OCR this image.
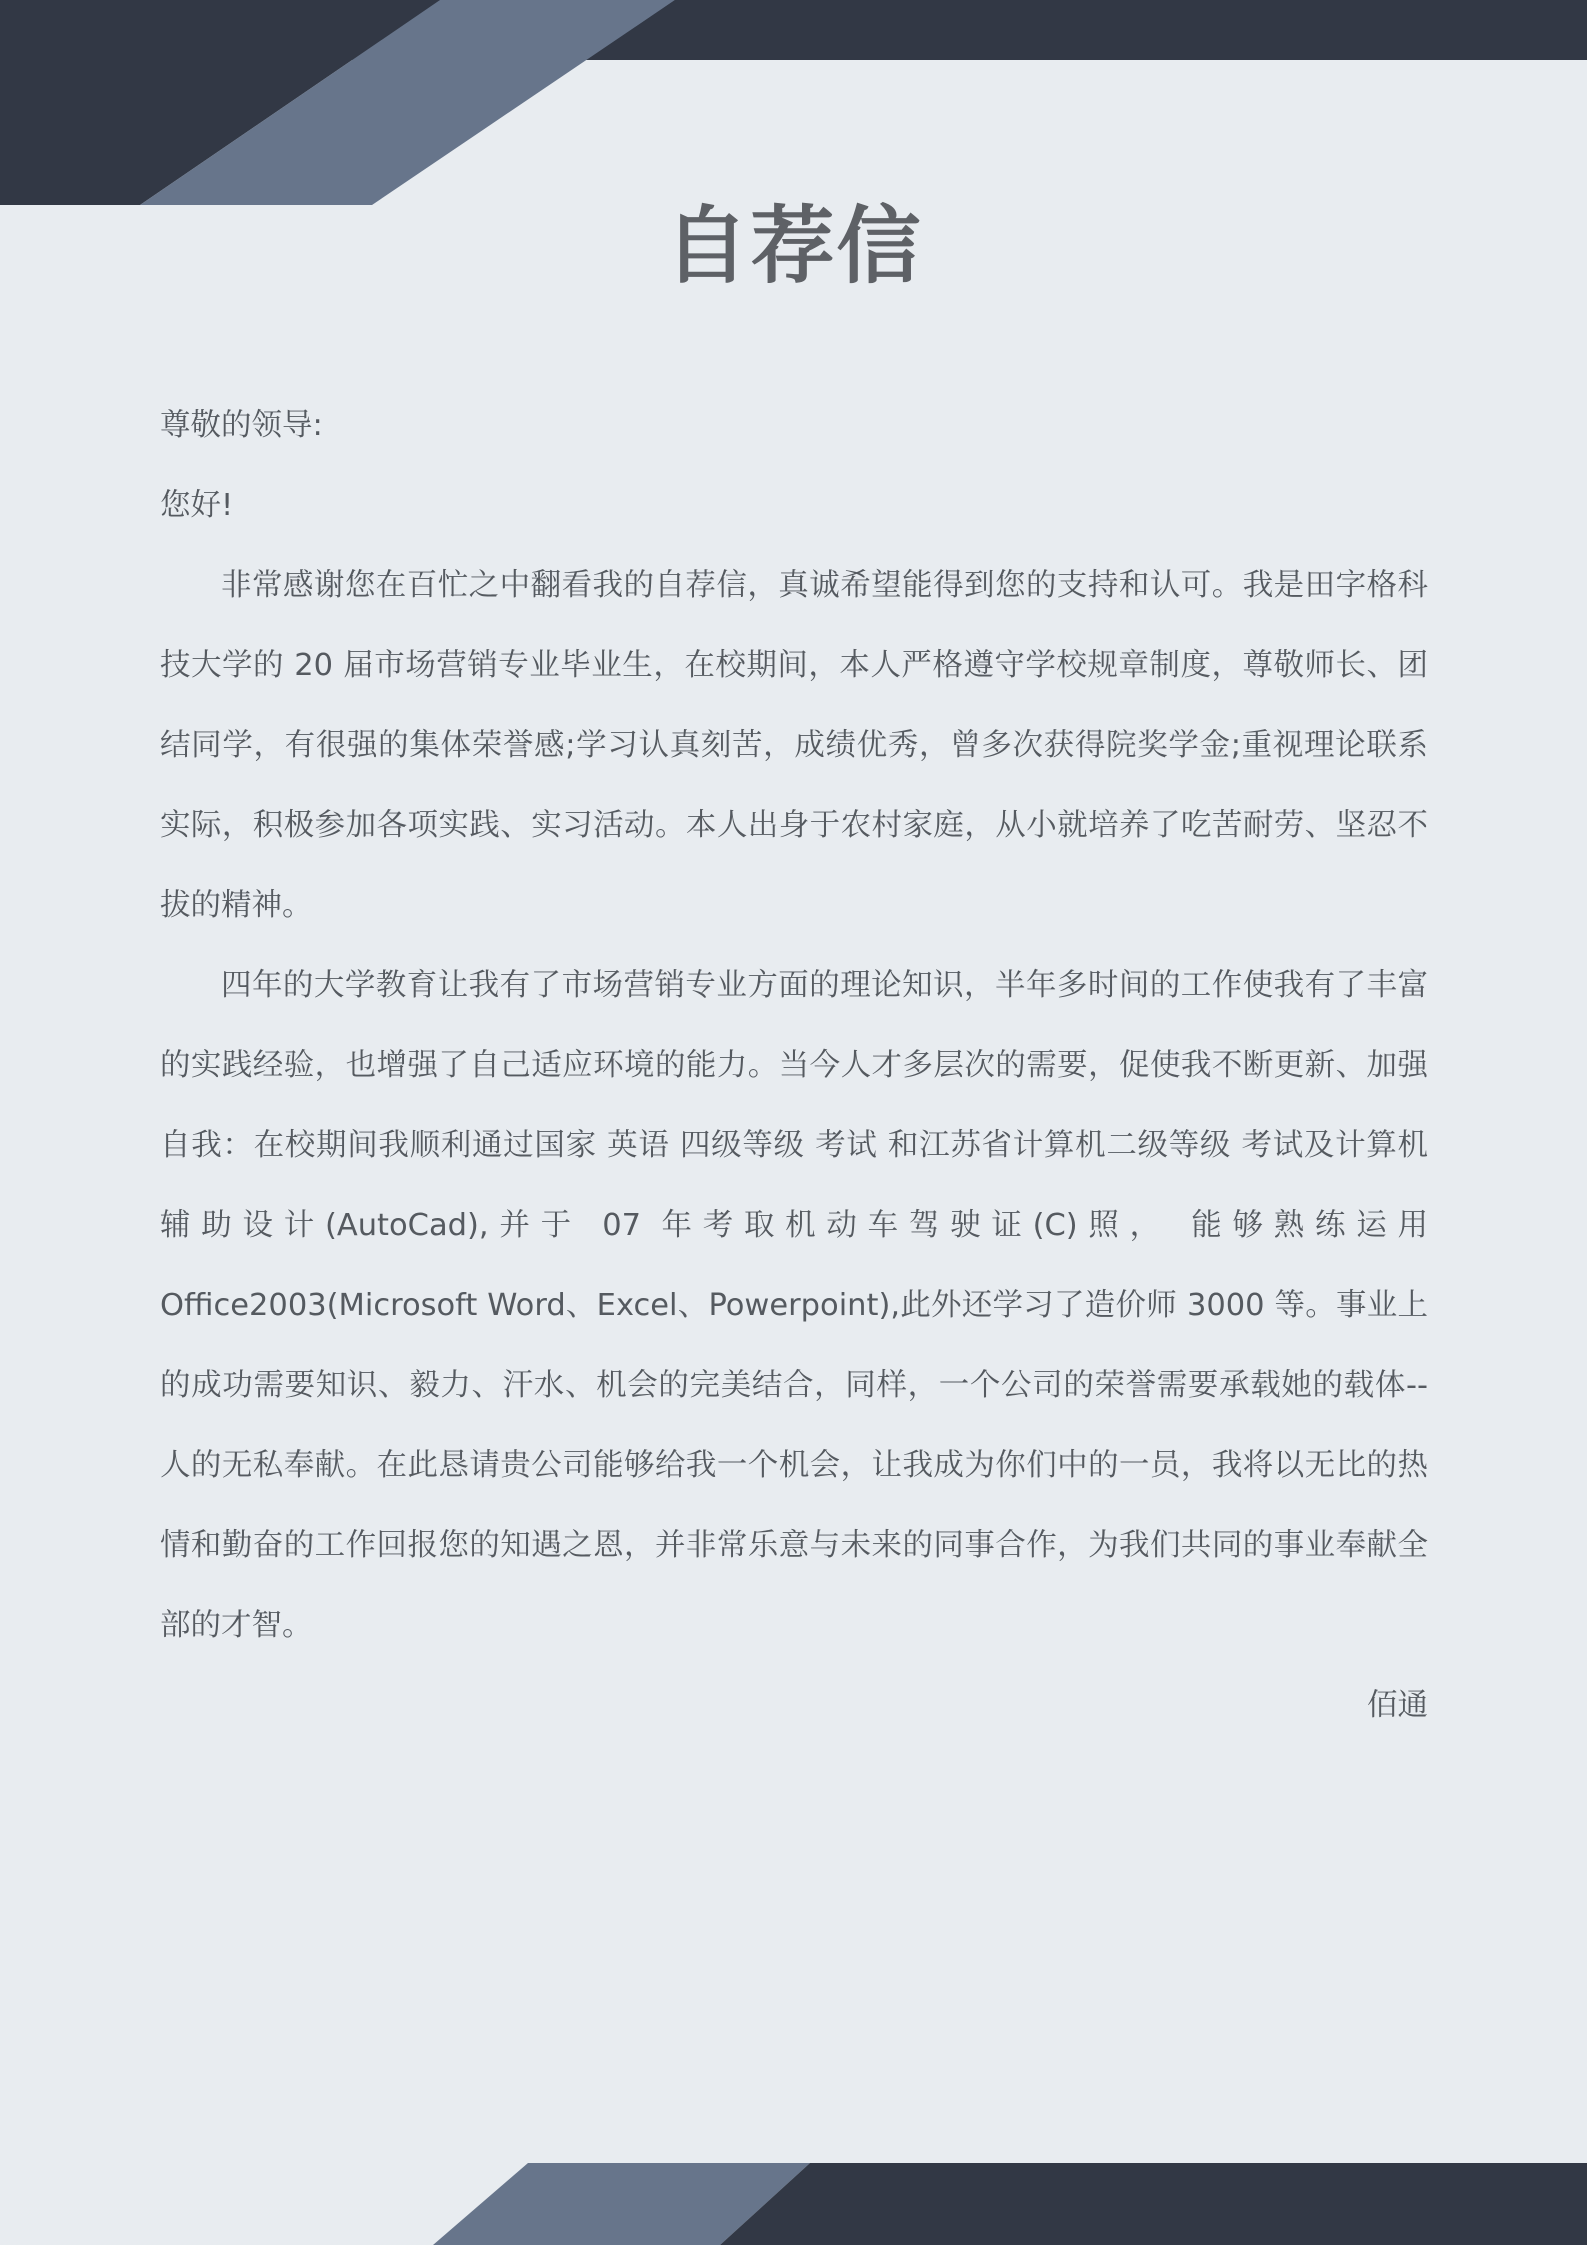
自荐信

尊敬的领导:

您好!

非常感谢您在百忙之中翻看我的自荐信，真诚希望能得到您的支持和认可。我是田字格科技大学的 20 届市场营销专业毕业生，在校期间，本人严格遵守学校规章制度，尊敬师长、团结同学，有很强的集体荣誉感;学习认真刻苦，成绩优秀，曾多次获得院奖学金;重视理论联系实际，积极参加各项实践、实习活动。本人出身于农村家庭，从小就培养了吃苦耐劳、坚忍不拔的精神。

四年的大学教育让我有了市场营销专业方面的理论知识，半年多时间的工作使我有了丰富的实践经验，也增强了自己适应环境的能力。当今人才多层次的需要，促使我不断更新、加强自我：在校期间我顺利通过国家 英语 四级等级 考试 和江苏省计算机二级等级 考试及计算机辅助设计(AutoCad),并于 07 年考取机动车驾驶证(C)照， 能够熟练运用Office2003(Microsoft Word、Excel、Powerpoint),此外还学习了造价师 3000 等。事业上的成功需要知识、毅力、汗水、机会的完美结合，同样，一个公司的荣誉需要承载她的载体--人的无私奉献。在此恳请贵公司能够给我一个机会，让我成为你们中的一员，我将以无比的热情和勤奋的工作回报您的知遇之恩，并非常乐意与未来的同事合作，为我们共同的事业奉献全部的才智。

佰通
